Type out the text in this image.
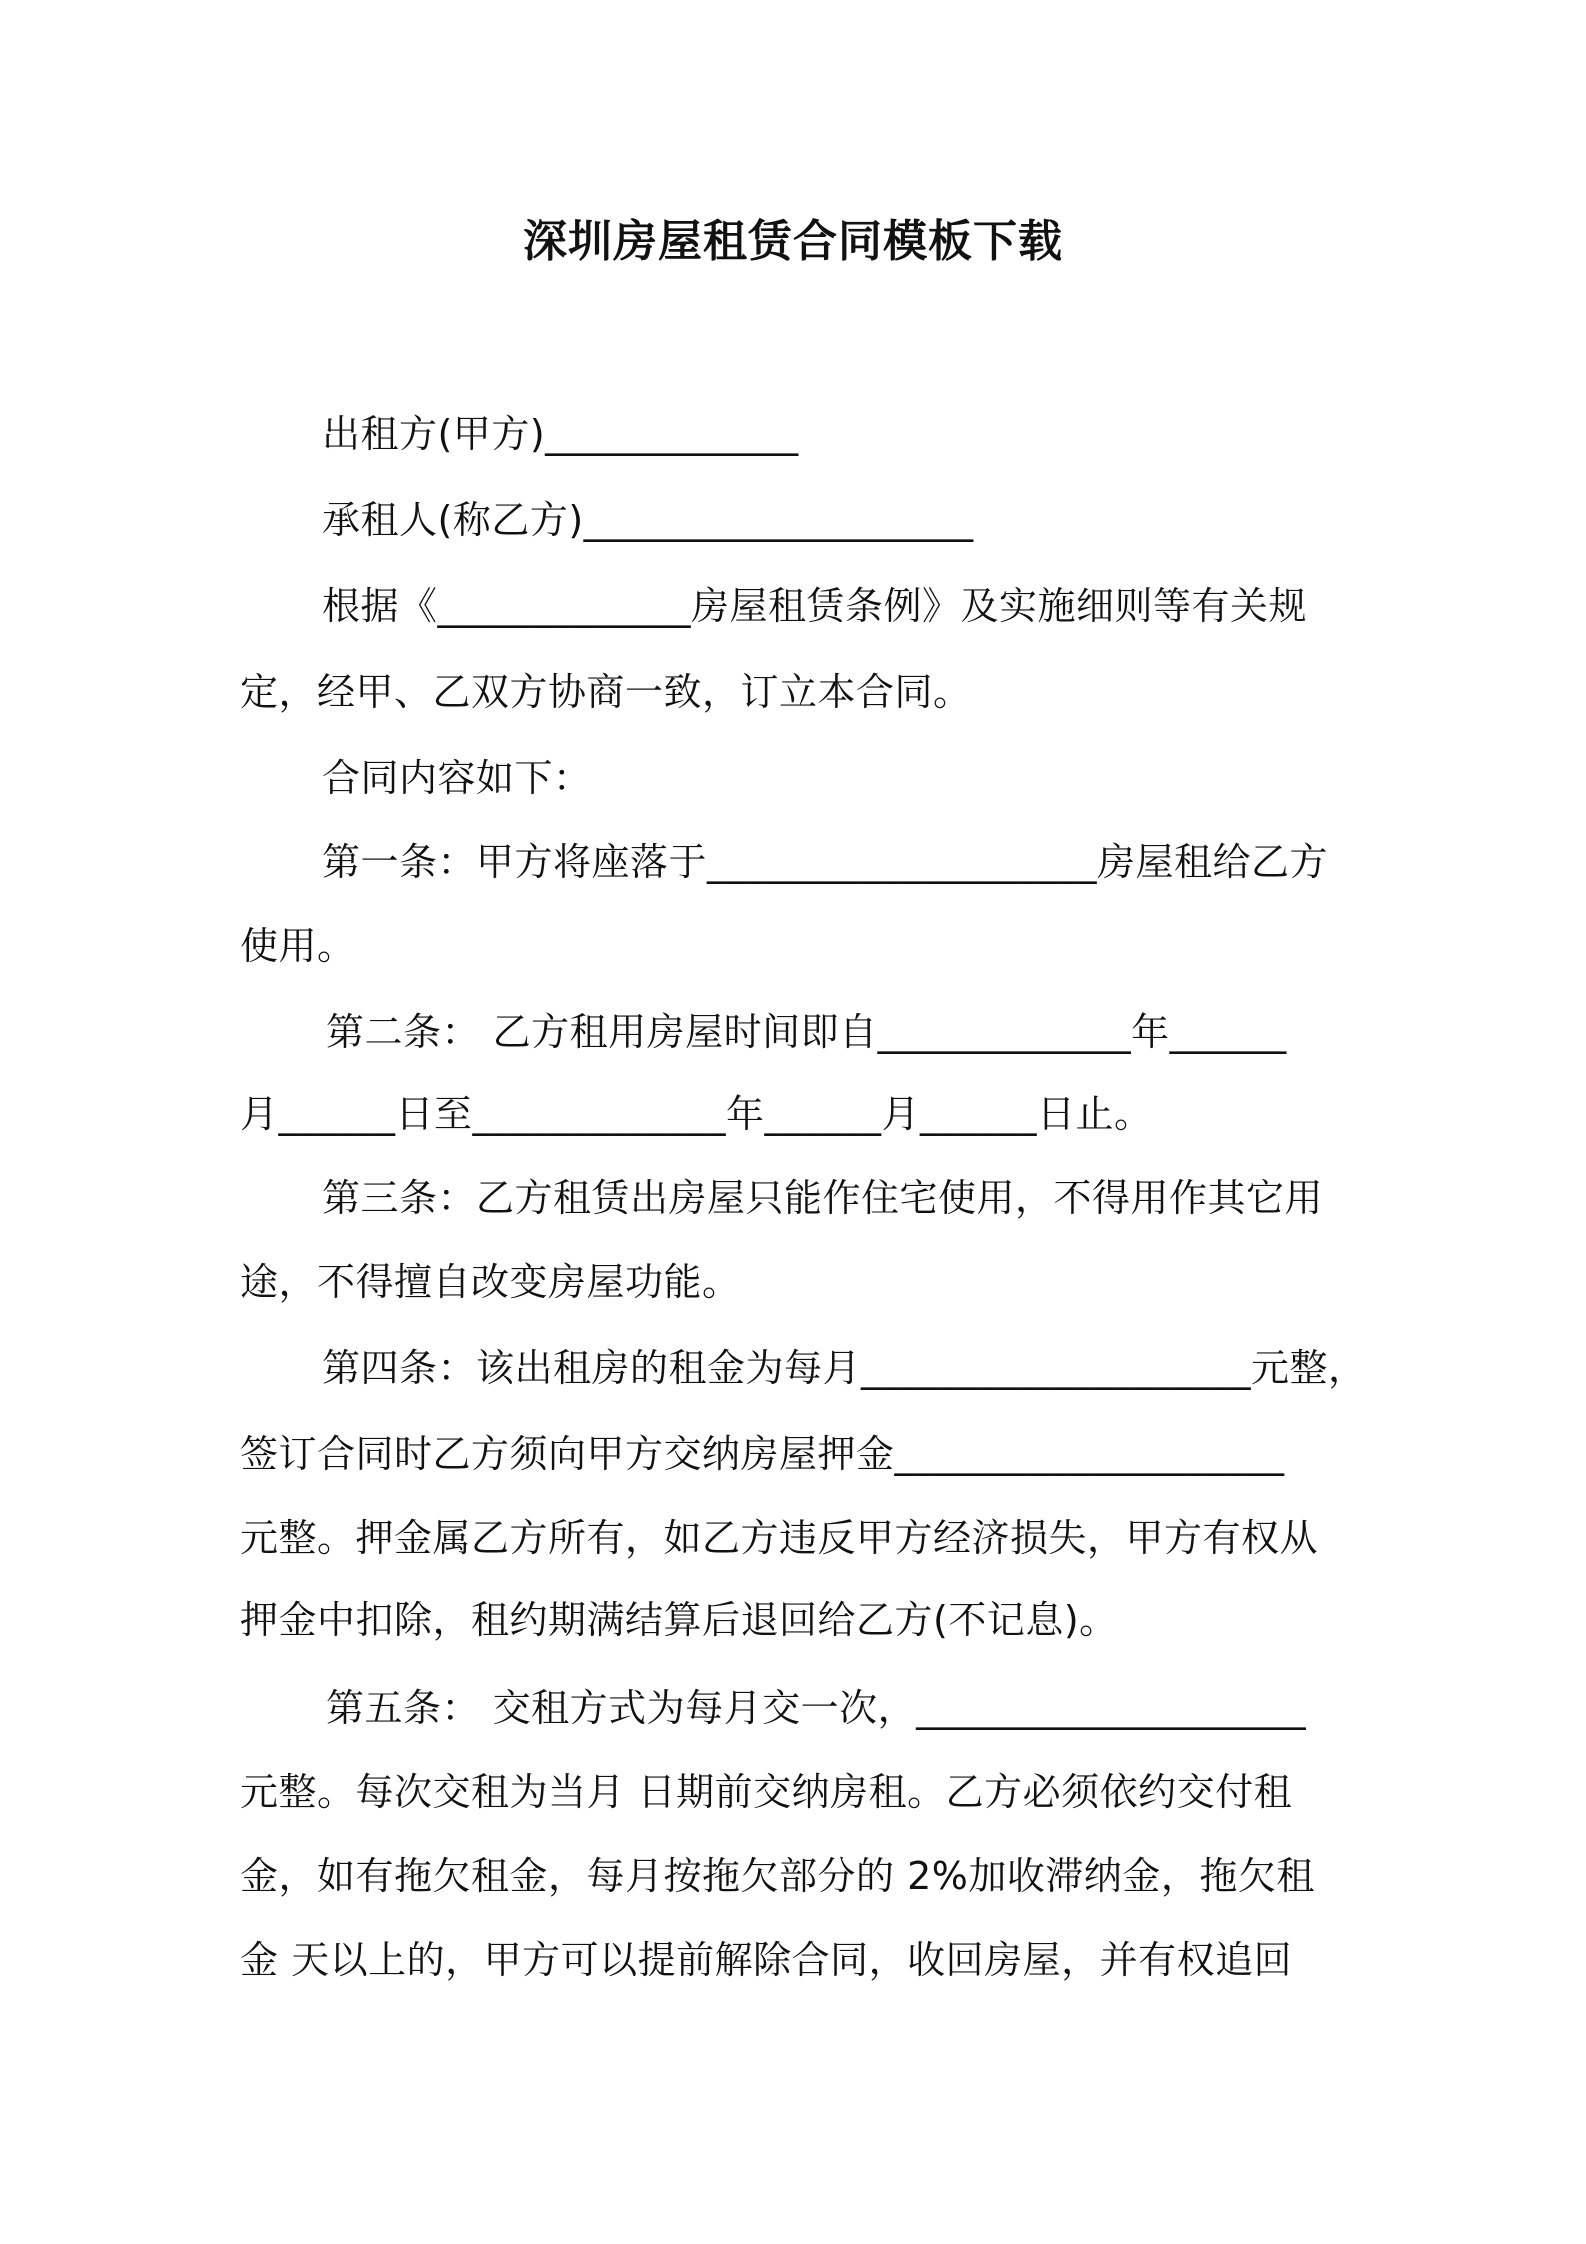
深圳房屋租赁合同模板下载
出租方(甲方)_____________
承租人(称乙方)____________________
根据《_____________房屋租赁条例》及实施细则等有关规
定，经甲、乙双方协商一致，订立本合同。
合同内容如下：
第一条：甲方将座落于____________________房屋租给乙方
使用。
第二条： 乙方租用房屋时间即自_____________年______
月______日至_____________年______月______日止。
第三条：乙方租赁出房屋只能作住宅使用，不得用作其它用
途，不得擅自改变房屋功能。
第四条：该出租房的租金为每月____________________元整，
签订合同时乙方须向甲方交纳房屋押金____________________
元整。押金属乙方所有，如乙方违反甲方经济损失，甲方有权从
押金中扣除，租约期满结算后退回给乙方(不记息)。
第五条： 交租方式为每月交一次，____________________
元整。每次交租为当月 日期前交纳房租。乙方必须依约交付租
金，如有拖欠租金，每月按拖欠部分的 2%加收滞纳金，拖欠租
金 天以上的，甲方可以提前解除合同，收回房屋，并有权追回
